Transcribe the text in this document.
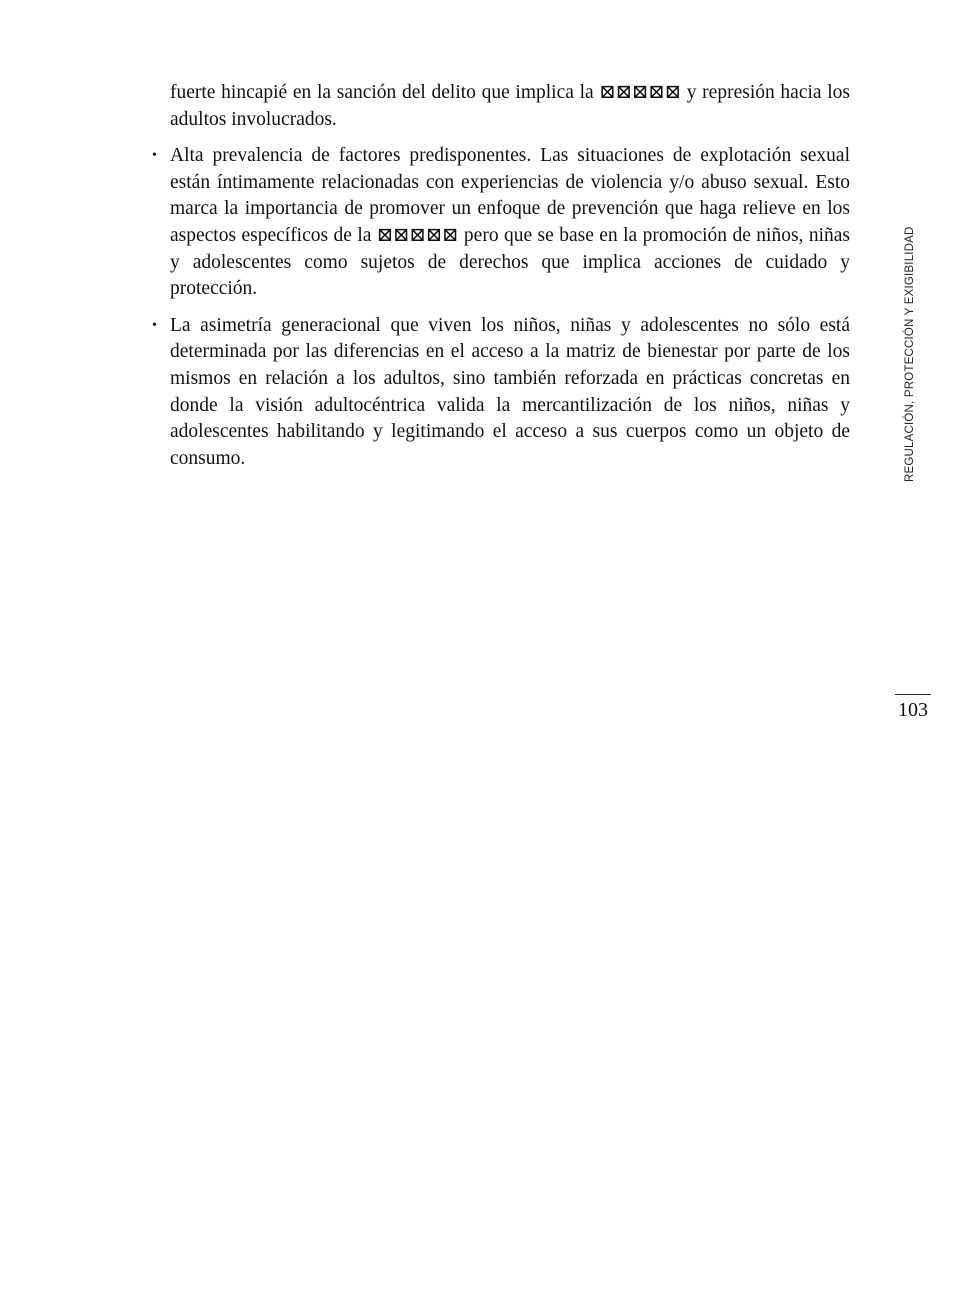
fuerte hincapié en la sanción del delito que implica la ⊠⊠⊠⊠⊠ y represión hacia los adultos involucrados.

• Alta prevalencia de factores predisponentes. Las situaciones de explotación sexual están íntimamente relacionadas con experiencias de violencia y/o abuso sexual. Esto marca la importancia de promover un enfoque de prevención que haga relieve en los aspectos específicos de la ⊠⊠⊠⊠⊠ pero que se base en la promoción de niños, niñas y adolescentes como sujetos de derechos que implica acciones de cuidado y protección.
• La asimetría generacional que viven los niños, niñas y adolescentes no sólo está determinada por las diferencias en el acceso a la matriz de bienestar por parte de los mismos en relación a los adultos, sino también reforzada en prácticas concretas en donde la visión adultocéntrica valida la mercantilización de los niños, niñas y adolescentes habilitando y legitimando el acceso a sus cuerpos como un objeto de consumo.	REGULACIÓN, PROTECCIÓN Y EXIGIBILIDAD
103
